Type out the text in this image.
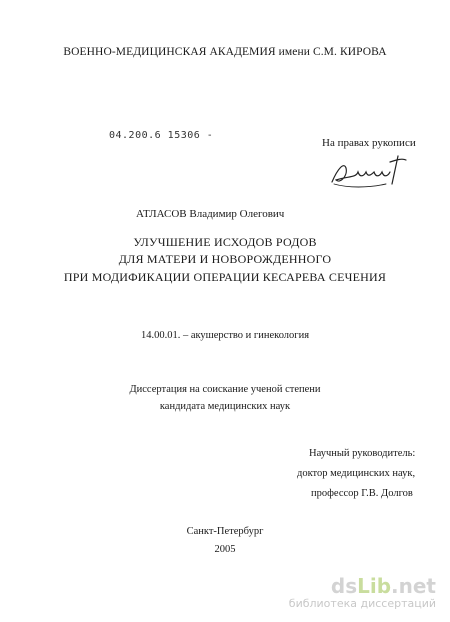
ВОЕННО-МЕДИЦИНСКАЯ АКАДЕМИЯ имени С.М. КИРОВА
04.200.6 15306 -
На правах рукописи
АТЛАСОВ Владимир Олегович
УЛУЧШЕНИЕ ИСХОДОВ РОДОВ
ДЛЯ МАТЕРИ И НОВОРОЖДЕННОГО
ПРИ МОДИФИКАЦИИ ОПЕРАЦИИ КЕСАРЕВА СЕЧЕНИЯ
14.00.01. – акушерство и гинекология
Диссертация на соискание ученой степени
кандидата медицинских наук
Научный руководитель:
доктор медицинских наук,
профессор Г.В. Долгов
Санкт-Петербург
2005
dsLib.net
библиотека диссертаций
